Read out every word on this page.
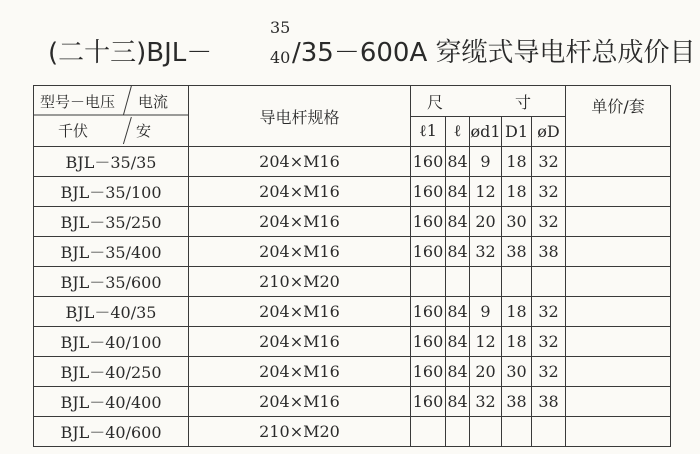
(二十三)BJL－
35
40 /35－600A 穿缆式导电杆总成价目
型号－电压 电流
千伏 安	导电杆规格	尺 寸					单价/套
		ℓ1	ℓ	ød1	D1	øD	
BJL－35/35	204×M16	160	84	9	18	32	
BJL－35/100	204×M16	160	84	12	18	32	
BJL－35/250	204×M16	160	84	20	30	32	
BJL－35/400	204×M16	160	84	32	38	38	
BJL－35/600	210×M20						
BJL－40/35	204×M16	160	84	9	18	32	
BJL－40/100	204×M16	160	84	12	18	32	
BJL－40/250	204×M16	160	84	20	30	32	
BJL－40/400	204×M16	160	84	32	38	38	
BJL－40/600	210×M20						
